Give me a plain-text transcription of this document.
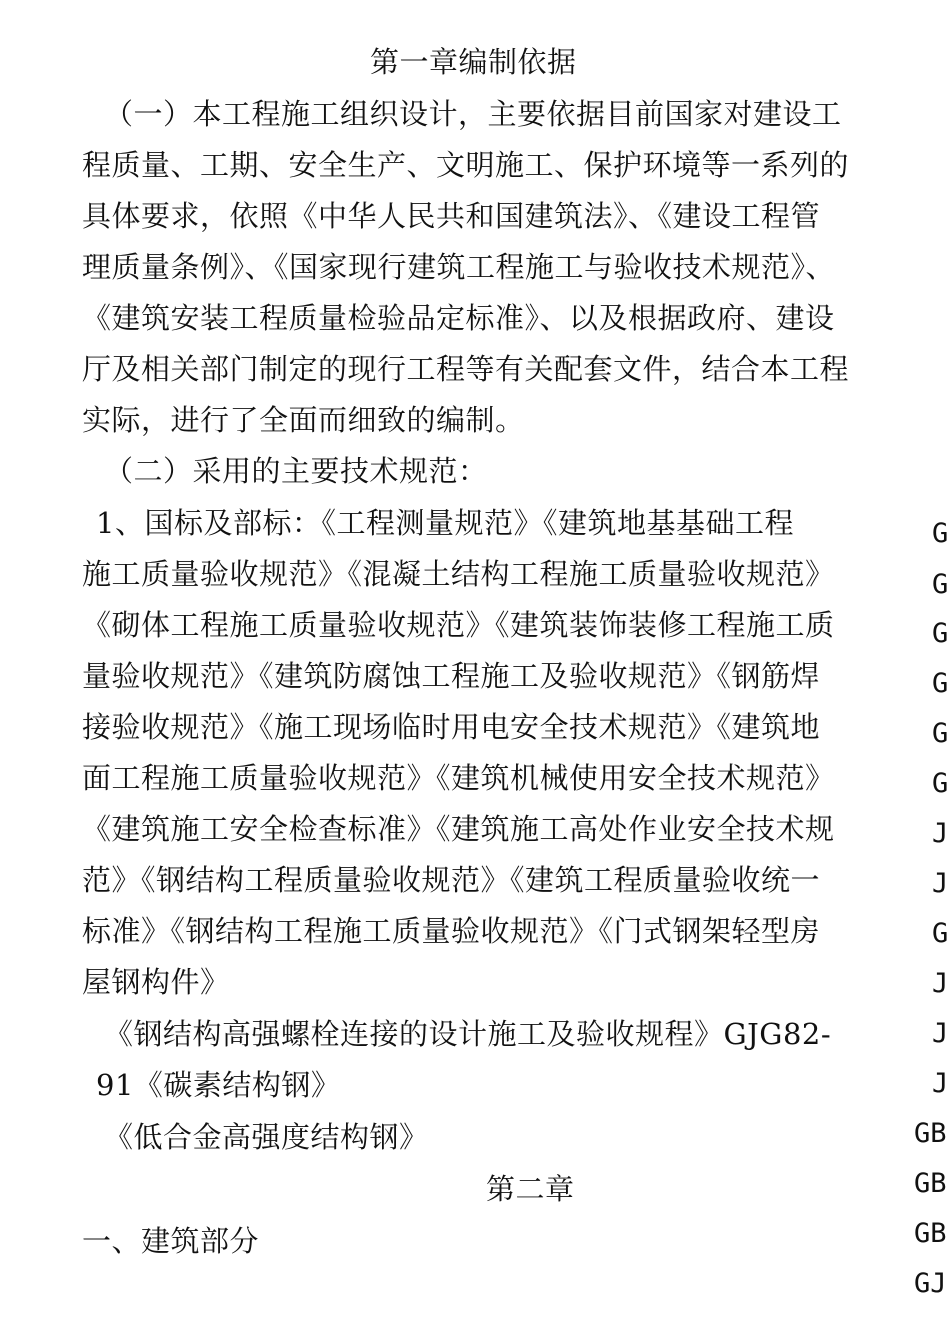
第一章编制依据
（一）本工程施工组织设计，主要依据目前国家对建设工
程质量、工期、安全生产、文明施工、保护环境等一系列的
具体要求，依照《中华人民共和国建筑法》、《建设工程管
理质量条例》、《国家现行建筑工程施工与验收技术规范》、
《建筑安装工程质量检验品定标准》、以及根据政府、建设
厅及相关部门制定的现行工程等有关配套文件，结合本工程
实际，进行了全面而细致的编制。
（二）采用的主要技术规范：
1、国标及部标：《工程测量规范》《建筑地基基础工程
施工质量验收规范》《混凝土结构工程施工质量验收规范》
《砌体工程施工质量验收规范》《建筑装饰装修工程施工质
量验收规范》《建筑防腐蚀工程施工及验收规范》《钢筋焊
接验收规范》《施工现场临时用电安全技术规范》《建筑地
面工程施工质量验收规范》《建筑机械使用安全技术规范》
《建筑施工安全检查标准》《建筑施工高处作业安全技术规
范》《钢结构工程质量验收规范》《建筑工程质量验收统一
标准》《钢结构工程施工质量验收规范》《门式钢架轻型房
屋钢构件》
《钢结构高强螺栓连接的设计施工及验收规程》GJG82-
91《碳素结构钢》
《低合金高强度结构钢》
第二章
一、建筑部分
G
G
G
G
G
G
J
J
G
J
J
J
GB
GB
GB
GJ
